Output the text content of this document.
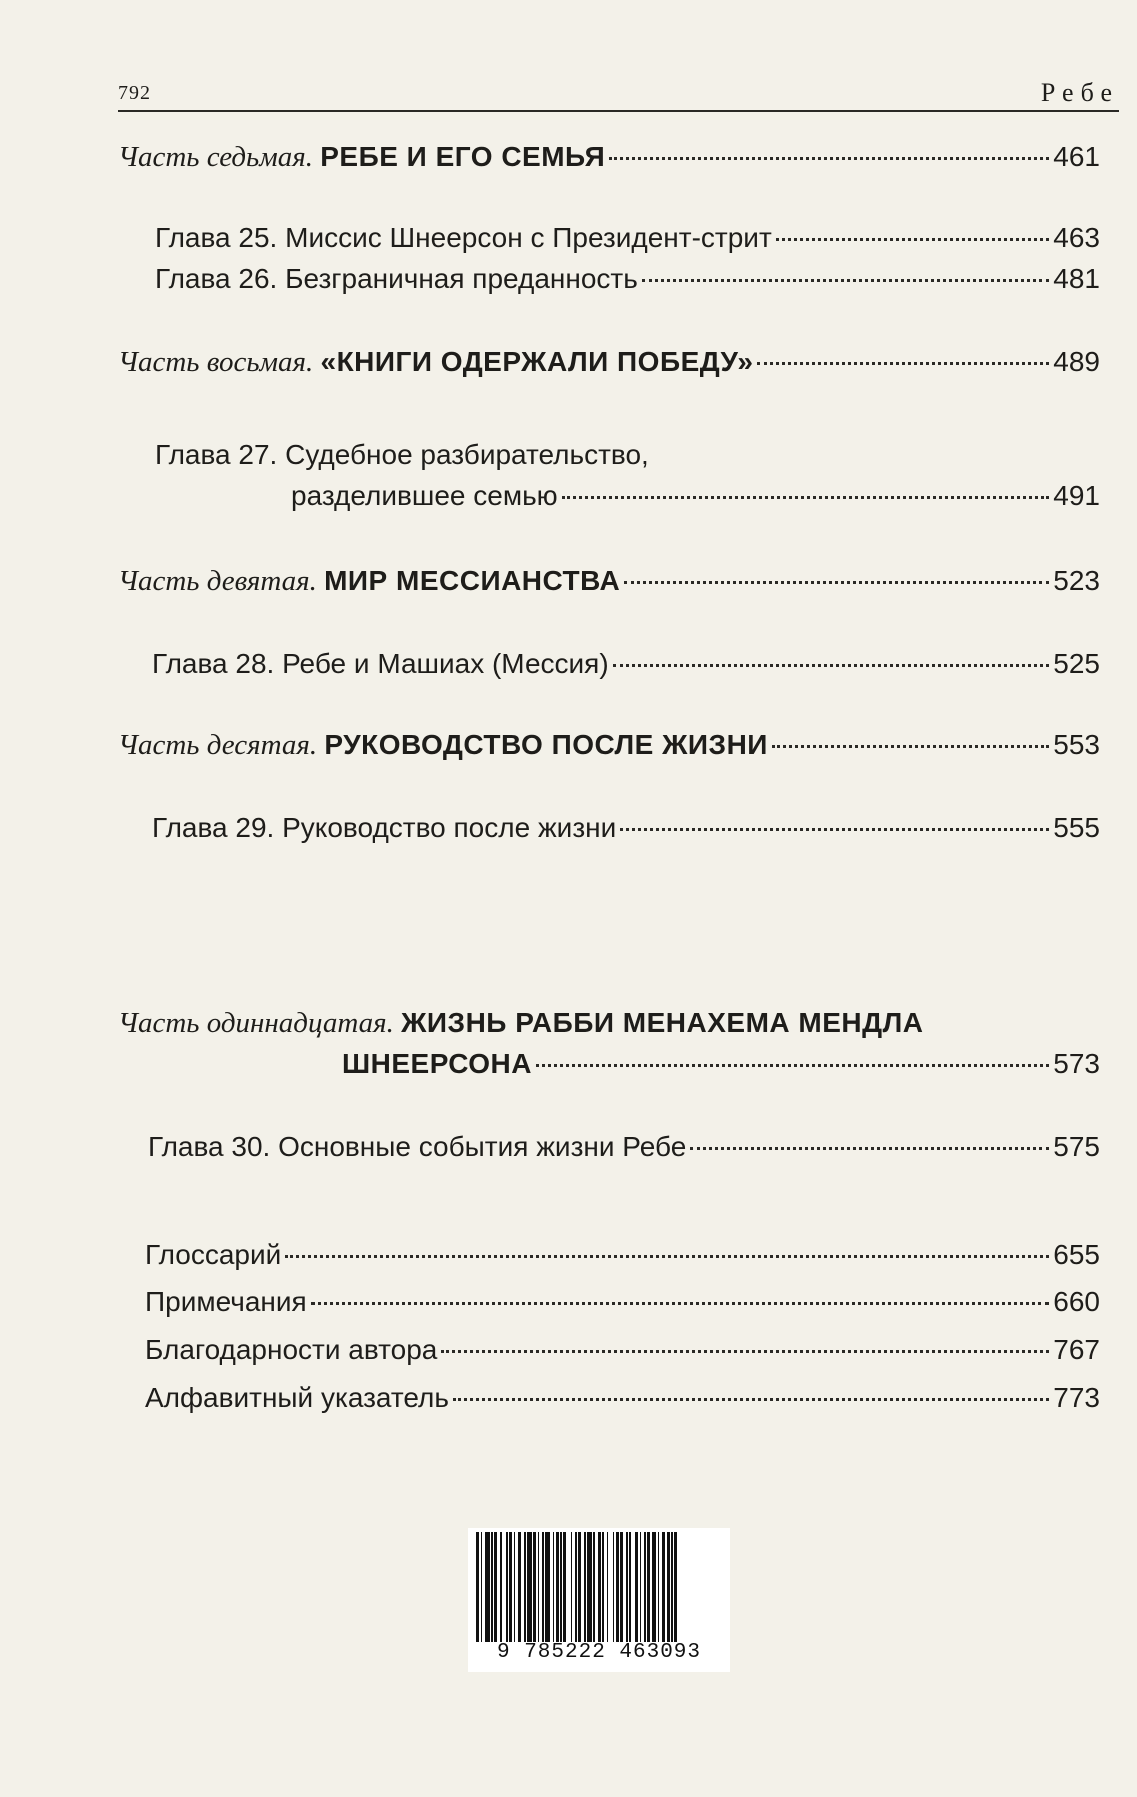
792	Ребе
Часть седьмая. РЕБЕ И ЕГО СЕМЬЯ	461
Глава 25. Миссис Шнеерсон с Президент-стрит	463
Глава 26. Безграничная преданность	481
Часть восьмая. «КНИГИ ОДЕРЖАЛИ ПОБЕДУ»	489
Глава 27. Судебное разбирательство,
разделившее семью	491
Часть девятая. МИР МЕССИАНСТВА	523
Глава 28. Ребе и Машиах (Мессия)	525
Часть десятая. РУКОВОДСТВО ПОСЛЕ ЖИЗНИ	553
Глава 29. Руководство после жизни	555
Часть одиннадцатая. ЖИЗНЬ РАББИ МЕНАХЕМА МЕНДЛА
ШНЕЕРСОНА	573
Глава 30. Основные события жизни Ребе	575
Глоссарий	655
Примечания	660
Благодарности автора	767
Алфавитный указатель	773
9 785222 463093
